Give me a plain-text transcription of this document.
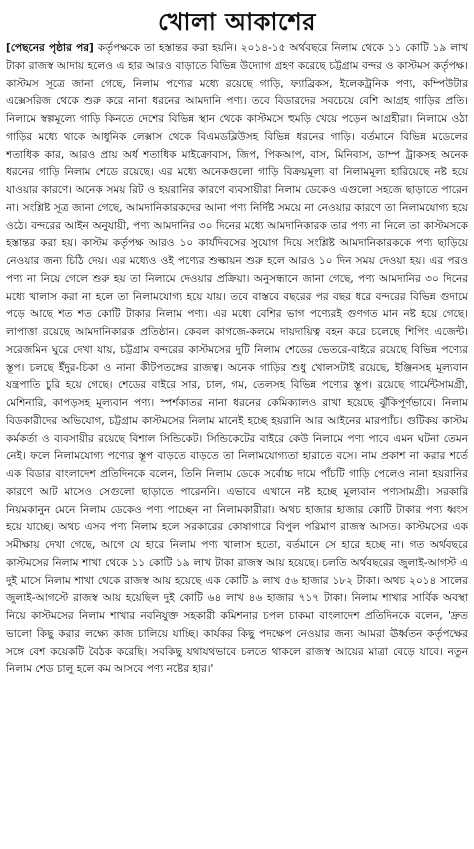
খোলা আকাশের

[পেছনের পৃষ্ঠার পর] কর্তৃপক্ষকে তা হস্তান্তর করা হয়নি। ২০১৪-১৫ অর্থবছরে নিলাম থেকে ১১ কোটি ১৯ লাখ টাকা রাজস্ব আদায় হলেও এ হার আরও বাড়াতে বিভিন্ন উদ্যোগ গ্রহণ করেছে চট্টগ্রাম বন্দর ও কাস্টমস কর্তৃপক্ষ। কাস্টমস সূত্রে জানা গেছে, নিলাম পণ্যের মধ্যে রয়েছে গাড়ি, ফ্যাব্রিকস, ইলেকট্রনিক পণ্য, কম্পিউটার এক্সেসরিজ থেকে শুরু করে নানা ধরনের আমদানি পণ্য। তবে বিডারদের সবচেয়ে বেশি আগ্রহ গাড়ির প্রতি। নিলামে স্বল্পমূল্যে গাড়ি কিনতে দেশের বিভিন্ন স্থান থেকে কাস্টমসে হুমড়ি খেয়ে পড়েন আগ্রহীরা। নিলামে ওঠা গাড়ির মধ্যে থাকে আধুনিক লেক্সাস থেকে বিএমডব্লিউসহ বিভিন্ন ধরনের গাড়ি। বর্তমানে বিভিন্ন মডেলের শতাধিক কার, আরও প্রায় অর্ধ শতাধিক মাইক্রোবাস, জিপ, পিকআপ, বাস, মিনিবাস, ডাম্প ট্রাকসহ অনেক ধরনের গাড়ি নিলাম শেডে রয়েছে। এর মধ্যে অনেকগুলো গাড়ি বিক্রয়মূল্য বা নিলামমূল্য হারিয়েছে নষ্ট হয়ে যাওয়ার কারণে। অনেক সময় রিট ও হয়রানির কারণে ব্যবসায়ীরা নিলাম ডেকেও এগুলো সহজে ছাড়াতে পারেন না। সংশ্লিষ্ট সূত্র জানা গেছে, আমদানিকারকদের আনা পণ্য নির্দিষ্ট সময়ে না নেওয়ার কারণে তা নিলামযোগ্য হয়ে ওঠে। বন্দরের আইন অনুযায়ী, পণ্য আমদানির ৩০ দিনের মধ্যে আমদানিকারক তার পণ্য না নিলে তা কাস্টমসকে হস্তান্তর করা হয়। কাস্টম কর্তৃপক্ষ আরও ১০ কার্যদিবসের সুযোগ দিয়ে সংশ্লিষ্ট আমদানিকারককে পণ্য ছাড়িয়ে নেওয়ার জন্য চিঠি দেয়। এর মধ্যেও ওই পণ্যের শুল্কায়ন শুরু হলে আরও ১০ দিন সময় দেওয়া হয়। এর পরও পণ্য না নিয়ে গেলে শুরু হয় তা নিলামে দেওয়ার প্রক্রিয়া। অনুসন্ধানে জানা গেছে, পণ্য আমদানির ৩০ দিনের মধ্যে খালাস করা না হলে তা নিলামযোগ্য হয়ে যায়। তবে বাস্তবে বছরের পর বছর ধরে বন্দরের বিভিন্ন গুদামে পড়ে আছে শত শত কোটি টাকার নিলাম পণ্য। এর মধ্যে বেশির ভাগ পণ্যেরই গুণগত মান নষ্ট হয়ে গেছে। লাপাত্তা রয়েছে আমদানিকারক প্রতিষ্ঠান। কেবল কাগজে-কলমে দায়দায়িত্ব বহন করে চলেছে শিপিং এজেন্ট। সরেজমিন ঘুরে দেখা যায়, চট্টগ্রাম বন্দরের কাস্টমসের দুটি নিলাম শেডের ভেতরে-বাইরে রয়েছে বিভিন্ন পণ্যের স্তূপ। চলছে ইঁদুর-চিকা ও নানা কীটপতঙ্গের রাজত্ব। অনেক গাড়ির শুধু খোলসটাই রয়েছে, ইঞ্জিনসহ মূল্যবান যন্ত্রপাতি চুরি হয়ে গেছে। শেডের বাইরে সার, চাল, গম, তেলসহ বিভিন্ন পণ্যের স্তূপ। রয়েছে গার্মেন্টসামগ্রী, মেশিনারি, কাপড়সহ মূল্যবান পণ্য। স্পর্শকাতর নানা ধরনের কেমিক্যালও রাখা হয়েছে ঝুঁকিপূর্ণভাবে। নিলাম বিডকারীদের অভিযোগ, চট্টগ্রাম কাস্টমসের নিলাম মানেই হচ্ছে হয়রানি আর আইনের মারপ্যাঁচ। গুটিকয় কাস্টম কর্মকর্তা ও ব্যবসায়ীর রয়েছে বিশাল সিন্ডিকেট। সিন্ডিকেটের বাইরে কেউ নিলামে পণ্য পাবে এমন ঘটনা তেমন নেই। ফলে নিলামযোগ্য পণ্যের স্তূপ বাড়তে বাড়তে তা নিলামযোগ্যতা হারাতে বসে। নাম প্রকাশ না করার শর্তে এক বিডার বাংলাদেশ প্রতিদিনকে বলেন, তিনি নিলাম ডেকে সর্বোচ্চ দামে পাঁচটি গাড়ি পেলেও নানা হয়রানির কারণে আট মাসেও সেগুলো ছাড়াতে পারেননি। এভাবে এখানে নষ্ট হচ্ছে মূল্যবান পণ্যসামগ্রী। সরকারি নিয়মকানুন মেনে নিলাম ডেকেও পণ্য পাচ্ছেন না নিলামকারীরা। অথচ হাজার হাজার কোটি টাকার পণ্য ধ্বংস হয়ে যাচ্ছে। অথচ এসব পণ্য নিলাম হলে সরকারের কোষাগারে বিপুল পরিমাণ রাজস্ব আসত। কাস্টমসের এক সমীক্ষায় দেখা গেছে, আগে যে হারে নিলাম পণ্য খালাস হতো, বর্তমানে সে হারে হচ্ছে না। গত অর্থবছরে কাস্টমসের নিলাম শাখা থেকে ১১ কোটি ১৯ লাখ টাকা রাজস্ব আয় হয়েছে। চলতি অর্থবছরের জুলাই-আগস্ট এ দুই মাসে নিলাম শাখা থেকে রাজস্ব আয় হয়েছে এক কোটি ৯ লাখ ৫৬ হাজার ১৮২ টাকা। অথচ ২০১৪ সালের জুলাই-আগস্টে রাজস্ব আয় হয়েছিল দুই কোটি ৬৪ লাখ ৪৬ হাজার ৭১৭ টাকা। নিলাম শাখার সার্বিক অবস্থা নিয়ে কাস্টমসের নিলাম শাখার নবনিযুক্ত সহকারী কমিশনার চপল চাকমা বাংলাদেশ প্রতিদিনকে বলেন, 'দ্রুত ভালো কিছু করার লক্ষ্যে কাজ চালিয়ে যাচ্ছি। কার্যকর কিছু পদক্ষেপ নেওয়ার জন্য আমরা ঊর্ধ্বতন কর্তৃপক্ষের সঙ্গে বেশ কয়েকটি বৈঠক করেছি। সবকিছু যথাযথভাবে চলতে থাকলে রাজস্ব আয়ের মাত্রা বেড়ে যাবে। নতুন নিলাম শেড চালু হলে কম আসবে পণ্য নষ্টের হার।'
